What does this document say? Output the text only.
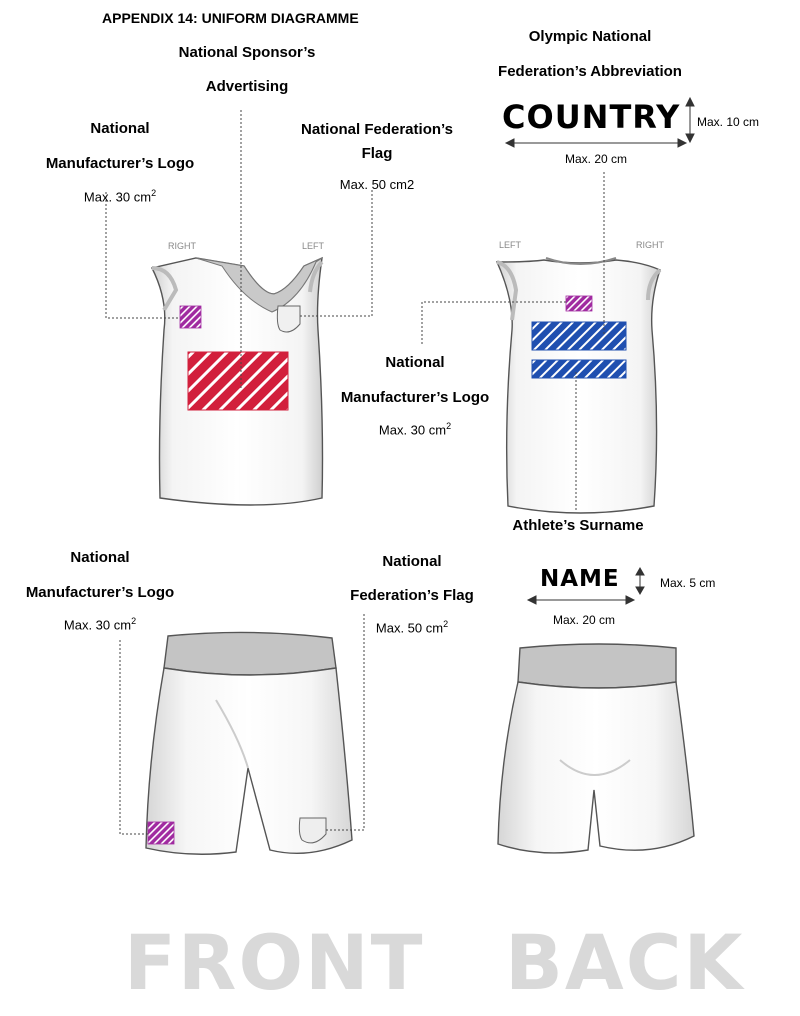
APPENDIX 14: UNIFORM DIAGRAMME
National Sponsor’s
Advertising
National
Manufacturer’s Logo
Max. 30 $cm^2$
National Federation’s
Flag
Max. 50 cm2
RIGHT	LEFT
Olympic National
Federation’s Abbreviation
COUNTRY Max. 10 cm
Max. 20 cm
LEFT	RIGHT
National
Manufacturer’s Logo
Max. 30 $cm^2$
Athlete’s Surname
National
Manufacturer’s Logo
Max. 30 $cm^2$
National
Federation’s Flag
Max. 50 $cm^2$
NAME	Max. 5 cm
Max. 20 cm
FRONT BACK
